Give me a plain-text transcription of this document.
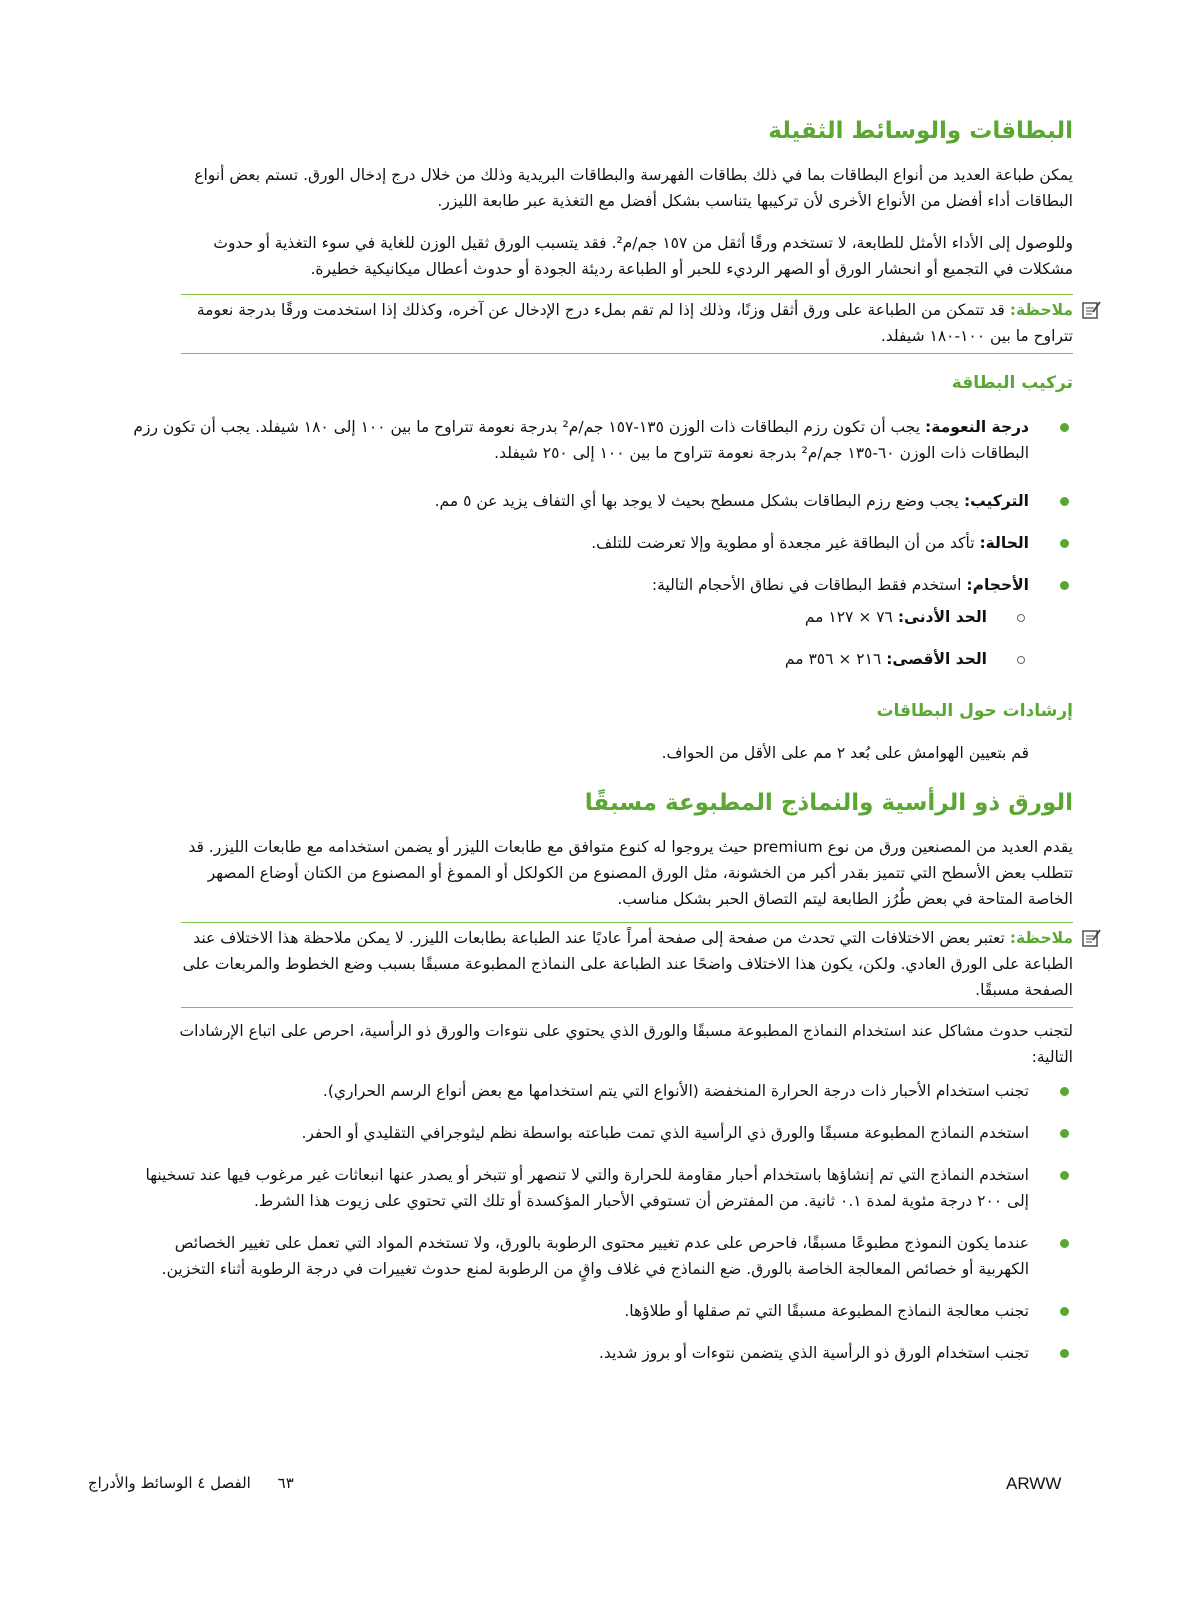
البطاقات والوسائط الثقيلة

يمكن طباعة العديد من أنواع البطاقات بما في ذلك بطاقات الفهرسة والبطاقات البريدية وذلك من خلال درج إدخال الورق. تستم بعض أنواع البطاقات أداء أفضل من الأنواع الأخرى لأن تركيبها يتناسب بشكل أفضل مع التغذية عبر طابعة الليزر.

وللوصول إلى الأداء الأمثل للطابعة، لا تستخدم ورقًا أثقل من ١٥٧ جم/م². فقد يتسبب الورق ثقيل الوزن للغاية في سوء التغذية أو حدوث مشكلات في التجميع أو انحشار الورق أو الصهر الرديء للحبر أو الطباعة رديئة الجودة أو حدوث أعطال ميكانيكية خطيرة.

ملاحظة: قد تتمكن من الطباعة على ورق أثقل وزنًا، وذلك إذا لم تقم بملء درج الإدخال عن آخره، وكذلك إذا استخدمت ورقًا بدرجة نعومة تتراوح ما بين ١٠٠-١٨٠ شيفلد.
تركيب البطاقة
درجة النعومة: يجب أن تكون رزم البطاقات ذات الوزن ١٣٥-١٥٧ جم/م² بدرجة نعومة تتراوح ما بين ١٠٠ إلى ١٨٠ شيفلد. يجب أن تكون رزم البطاقات ذات الوزن ٦٠-١٣٥ جم/م² بدرجة نعومة تتراوح ما بين ١٠٠ إلى ٢٥٠ شيفلد.
التركيب: يجب وضع رزم البطاقات بشكل مسطح بحيث لا يوجد بها أي التفاف يزيد عن ٥ مم.
الحالة: تأكد من أن البطاقة غير مجعدة أو مطوية وإلا تعرضت للتلف.
الأحجام: استخدم فقط البطاقات في نطاق الأحجام التالية:
الحد الأدنى: ٧٦ × ١٢٧ مم
الحد الأقصى: ٢١٦ × ٣٥٦ مم
إرشادات حول البطاقات

قم بتعيين الهوامش على بُعد ٢ مم على الأقل من الحواف.

الورق ذو الرأسية والنماذج المطبوعة مسبقًا

يقدم العديد من المصنعين ورق من نوع premium حيث يروجوا له كنوع متوافق مع طابعات الليزر أو يضمن استخدامه مع طابعات الليزر. قد تتطلب بعض الأسطح التي تتميز بقدر أكبر من الخشونة، مثل الورق المصنوع من الكولكل أو المموغ أو المصنوع من الكتان أوضاع المصهر الخاصة المتاحة في بعض طُرُز الطابعة ليتم التصاق الحبر بشكل مناسب.

ملاحظة: تعتبر بعض الاختلافات التي تحدث من صفحة إلى صفحة أمراً عاديًا عند الطباعة بطابعات الليزر. لا يمكن ملاحظة هذا الاختلاف عند الطباعة على الورق العادي. ولكن، يكون هذا الاختلاف واضحًا عند الطباعة على النماذج المطبوعة مسبقًا بسبب وضع الخطوط والمربعات على الصفحة مسبقًا.

لتجنب حدوث مشاكل عند استخدام النماذج المطبوعة مسبقًا والورق الذي يحتوي على نتوءات والورق ذو الرأسية، احرص على اتباع الإرشادات التالية:

تجنب استخدام الأحبار ذات درجة الحرارة المنخفضة (الأنواع التي يتم استخدامها مع بعض أنواع الرسم الحراري).
استخدم النماذج المطبوعة مسبقًا والورق ذي الرأسية الذي تمت طباعته بواسطة نظم ليثوجرافي التقليدي أو الحفر.
استخدم النماذج التي تم إنشاؤها باستخدام أحبار مقاومة للحرارة والتي لا تنصهر أو تتبخر أو يصدر عنها انبعاثات غير مرغوب فيها عند تسخينها إلى ٢٠٠ درجة مئوية لمدة ٠.١ ثانية. من المفترض أن تستوفي الأحبار المؤكسدة أو تلك التي تحتوي على زيوت هذا الشرط.
عندما يكون النموذج مطبوعًا مسبقًا، فاحرص على عدم تغيير محتوى الرطوبة بالورق، ولا تستخدم المواد التي تعمل على تغيير الخصائص الكهربية أو خصائص المعالجة الخاصة بالورق. ضع النماذج في غلاف واقٍ من الرطوبة لمنع حدوث تغييرات في درجة الرطوبة أثناء التخزين.
تجنب معالجة النماذج المطبوعة مسبقًا التي تم صقلها أو طلاؤها.
تجنب استخدام الورق ذو الرأسية الذي يتضمن نتوءات أو بروز شديد.
ARWW
٦٣ الفصل ٤ الوسائط والأدراج
